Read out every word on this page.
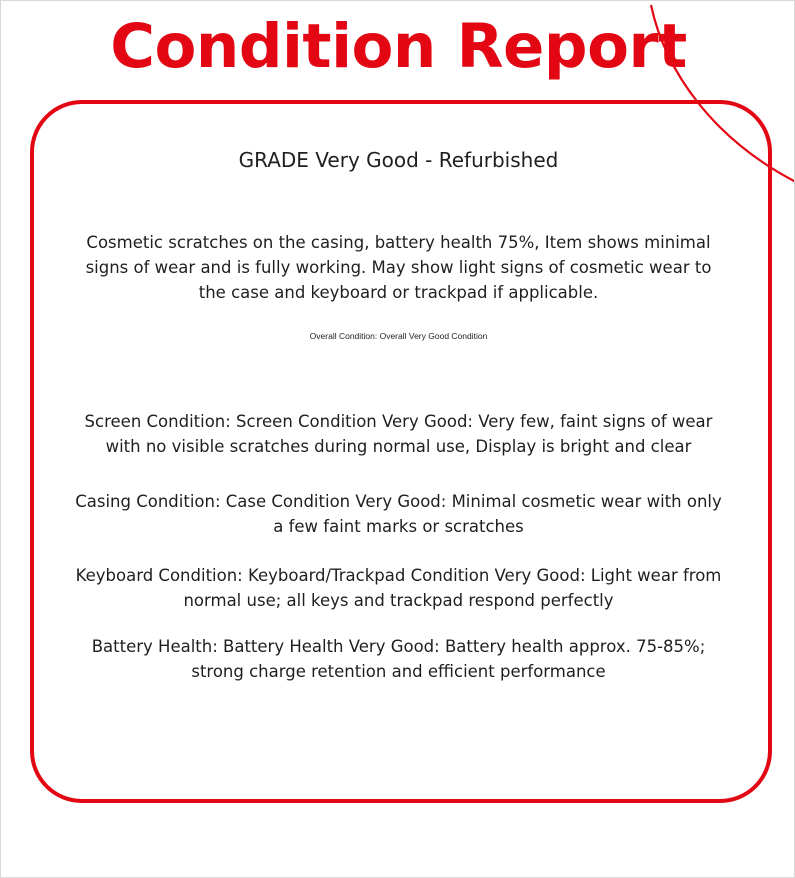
Condition Report
GRADE Very Good - Refurbished
Cosmetic scratches on the casing, battery health 75%, Item shows minimal signs of wear and is fully working. May show light signs of cosmetic wear to the case and keyboard or trackpad if applicable.
Overall Condition: Overall Very Good Condition
Screen Condition: Screen Condition Very Good: Very few, faint signs of wear with no visible scratches during normal use, Display is bright and clear
Casing Condition: Case Condition Very Good: Minimal cosmetic wear with only a few faint marks or scratches
Keyboard Condition: Keyboard/Trackpad Condition Very Good: Light wear from normal use; all keys and trackpad respond perfectly
Battery Health: Battery Health Very Good: Battery health approx. 75-85%; strong charge retention and efficient performance
